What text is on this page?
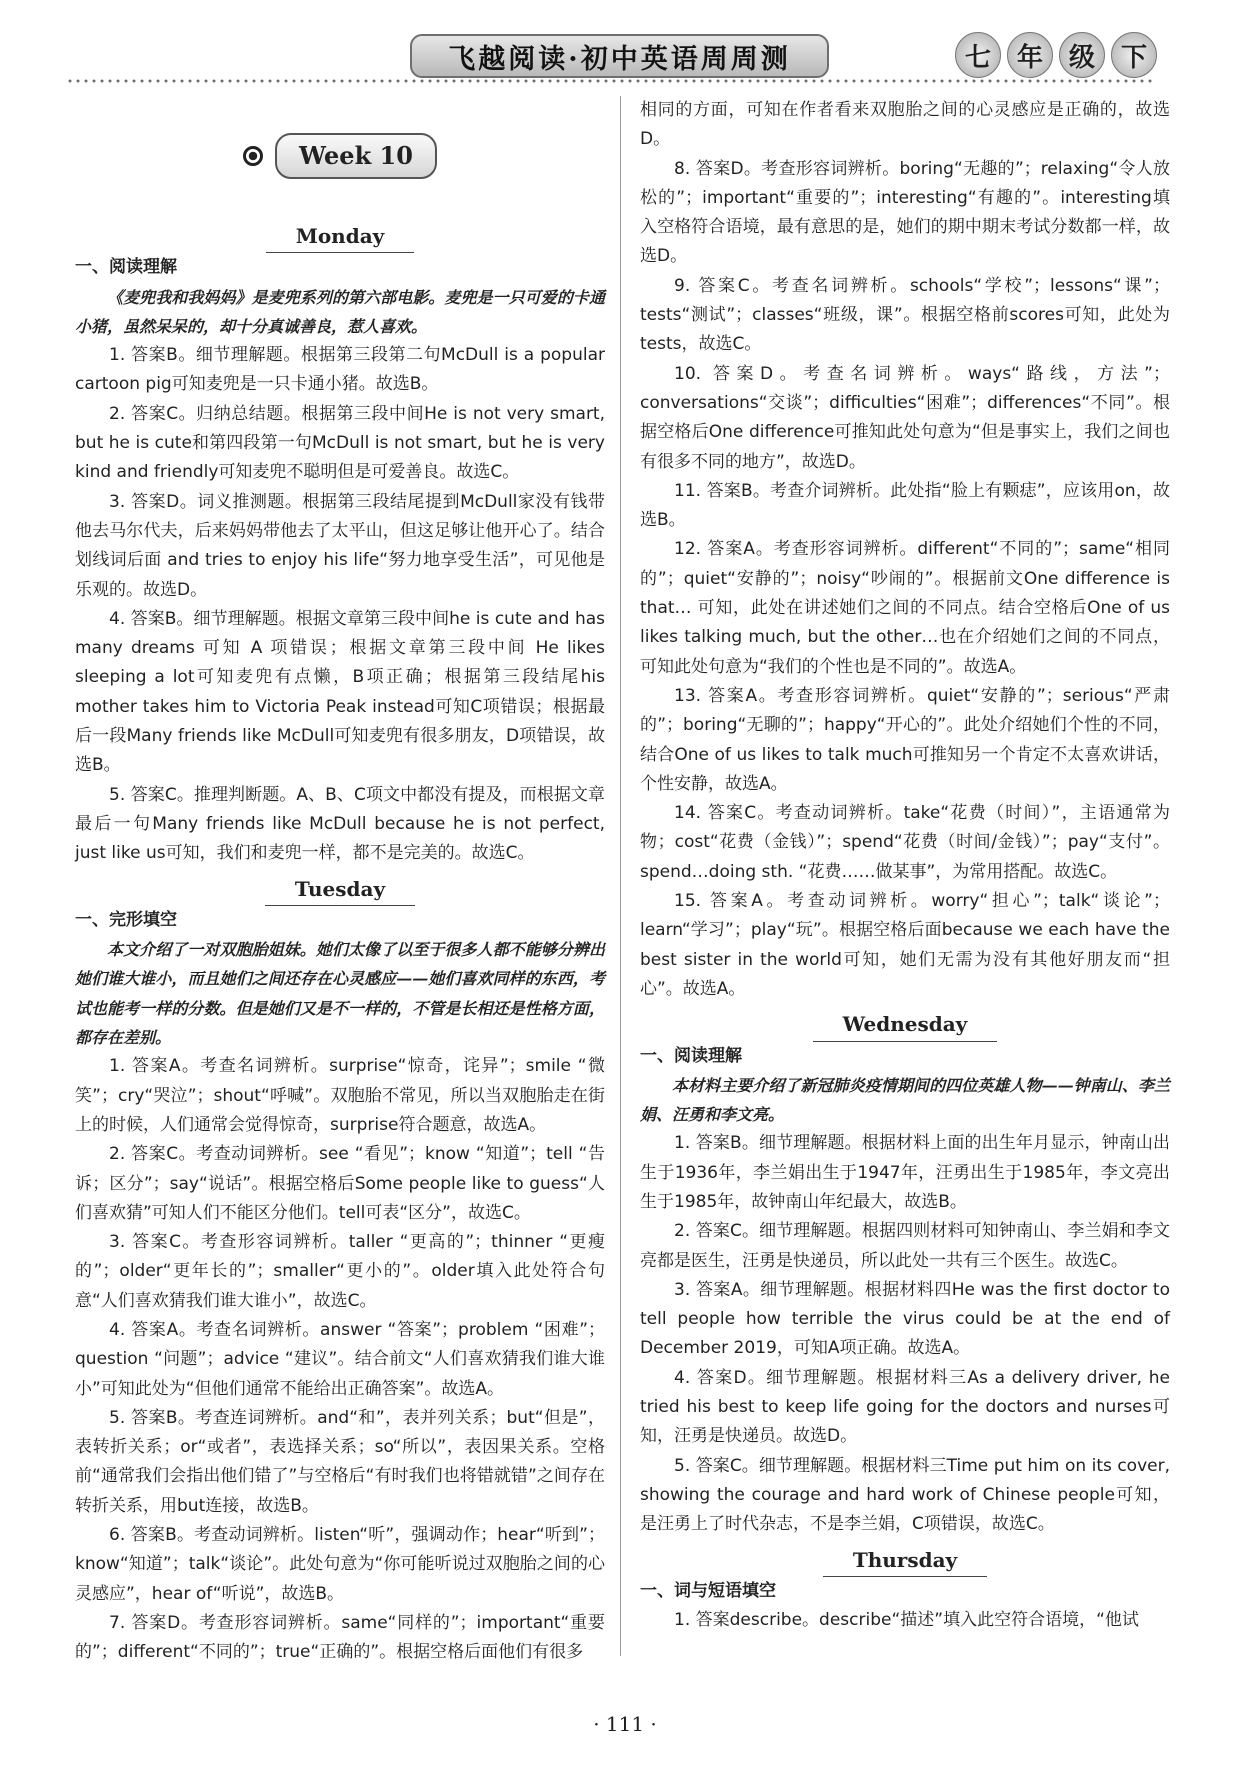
飞越阅读·初中英语周周测	七 年 级 下
Week 10
Monday

一、阅读理解

《麦兜我和我妈妈》是麦兜系列的第六部电影。麦兜是一只可爱的卡通小猪，虽然呆呆的，却十分真诚善良，惹人喜欢。

1. 答案B。细节理解题。根据第三段第二句McDull is a popular cartoon pig可知麦兜是一只卡通小猪。故选B。

2. 答案C。归纳总结题。根据第三段中间He is not very smart, but he is cute和第四段第一句McDull is not smart, but he is very kind and friendly可知麦兜不聪明但是可爱善良。故选C。

3. 答案D。词义推测题。根据第三段结尾提到McDull家没有钱带他去马尔代夫，后来妈妈带他去了太平山，但这足够让他开心了。结合划线词后面 and tries to enjoy his life“努力地享受生活”，可见他是乐观的。故选D。

4. 答案B。细节理解题。根据文章第三段中间he is cute and has many dreams 可知 A 项错误；根据文章第三段中间 He likes sleeping a lot可知麦兜有点懒，B项正确；根据第三段结尾his mother takes him to Victoria Peak instead可知C项错误；根据最后一段Many friends like McDull可知麦兜有很多朋友，D项错误，故选B。

5. 答案C。推理判断题。A、B、C项文中都没有提及，而根据文章最后一句Many friends like McDull because he is not perfect, just like us可知，我们和麦兜一样，都不是完美的。故选C。

Tuesday

一、完形填空

本文介绍了一对双胞胎姐妹。她们太像了以至于很多人都不能够分辨出她们谁大谁小，而且她们之间还存在心灵感应——她们喜欢同样的东西，考试也能考一样的分数。但是她们又是不一样的，不管是长相还是性格方面，都存在差别。

1. 答案A。考查名词辨析。surprise“惊奇，诧异”；smile “微笑”；cry“哭泣”；shout“呼喊”。双胞胎不常见，所以当双胞胎走在街上的时候，人们通常会觉得惊奇，surprise符合题意，故选A。

2. 答案C。考查动词辨析。see “看见”；know “知道”；tell “告诉；区分”；say“说话”。根据空格后Some people like to guess“人们喜欢猜”可知人们不能区分他们。tell可表“区分”，故选C。

3. 答案C。考查形容词辨析。taller “更高的”；thinner “更瘦的”；older“更年长的”；smaller“更小的”。older填入此处符合句意“人们喜欢猜我们谁大谁小”，故选C。

4. 答案A。考查名词辨析。answer “答案”；problem “困难”；question “问题”；advice “建议”。结合前文“人们喜欢猜我们谁大谁小”可知此处为“但他们通常不能给出正确答案”。故选A。

5. 答案B。考查连词辨析。and“和”，表并列关系；but“但是”，表转折关系；or“或者”，表选择关系；so“所以”，表因果关系。空格前“通常我们会指出他们错了”与空格后“有时我们也将错就错”之间存在转折关系，用but连接，故选B。

6. 答案B。考查动词辨析。listen“听”，强调动作；hear“听到”；know“知道”；talk“谈论”。此处句意为“你可能听说过双胞胎之间的心灵感应”，hear of“听说”，故选B。

7. 答案D。考查形容词辨析。same“同样的”；important“重要的”；different“不同的”；true“正确的”。根据空格后面他们有很多

相同的方面，可知在作者看来双胞胎之间的心灵感应是正确的，故选D。

8. 答案D。考查形容词辨析。boring“无趣的”；relaxing“令人放松的”；important“重要的”；interesting“有趣的”。interesting填入空格符合语境，最有意思的是，她们的期中期末考试分数都一样，故选D。

9. 答案C。考查名词辨析。schools“学校”；lessons“课”；tests“测试”；classes“班级，课”。根据空格前scores可知，此处为tests，故选C。

10. 答案D。考查名词辨析。ways“路线，方法”；conversations“交谈”；difficulties“困难”；differences“不同”。根据空格后One difference可推知此处句意为“但是事实上，我们之间也有很多不同的地方”，故选D。

11. 答案B。考查介词辨析。此处指“脸上有颗痣”，应该用on，故选B。

12. 答案A。考查形容词辨析。different“不同的”；same“相同的”；quiet“安静的”；noisy“吵闹的”。根据前文One difference is that… 可知，此处在讲述她们之间的不同点。结合空格后One of us likes talking much, but the other…也在介绍她们之间的不同点，可知此处句意为“我们的个性也是不同的”。故选A。

13. 答案A。考查形容词辨析。quiet“安静的”；serious“严肃的”；boring“无聊的”；happy“开心的”。此处介绍她们个性的不同，结合One of us likes to talk much可推知另一个肯定不太喜欢讲话，个性安静，故选A。

14. 答案C。考查动词辨析。take“花费（时间）”，主语通常为物；cost“花费（金钱）”；spend“花费（时间/金钱）”；pay“支付”。spend…doing sth. “花费……做某事”，为常用搭配。故选C。

15. 答案A。考查动词辨析。worry“担心”；talk“谈论”；learn“学习”；play“玩”。根据空格后面because we each have the best sister in the world可知，她们无需为没有其他好朋友而“担心”。故选A。

Wednesday

一、阅读理解

本材料主要介绍了新冠肺炎疫情期间的四位英雄人物——钟南山、李兰娟、汪勇和李文亮。

1. 答案B。细节理解题。根据材料上面的出生年月显示，钟南山出生于1936年，李兰娟出生于1947年，汪勇出生于1985年，李文亮出生于1985年，故钟南山年纪最大，故选B。

2. 答案C。细节理解题。根据四则材料可知钟南山、李兰娟和李文亮都是医生，汪勇是快递员，所以此处一共有三个医生。故选C。

3. 答案A。细节理解题。根据材料四He was the first doctor to tell people how terrible the virus could be at the end of December 2019，可知A项正确。故选A。

4. 答案D。细节理解题。根据材料三As a delivery driver, he tried his best to keep life going for the doctors and nurses可知，汪勇是快递员。故选D。

5. 答案C。细节理解题。根据材料三Time put him on its cover, showing the courage and hard work of Chinese people可知，是汪勇上了时代杂志，不是李兰娟，C项错误，故选C。

Thursday

一、词与短语填空

1. 答案describe。describe“描述”填入此空符合语境，“他试

· 111 ·
